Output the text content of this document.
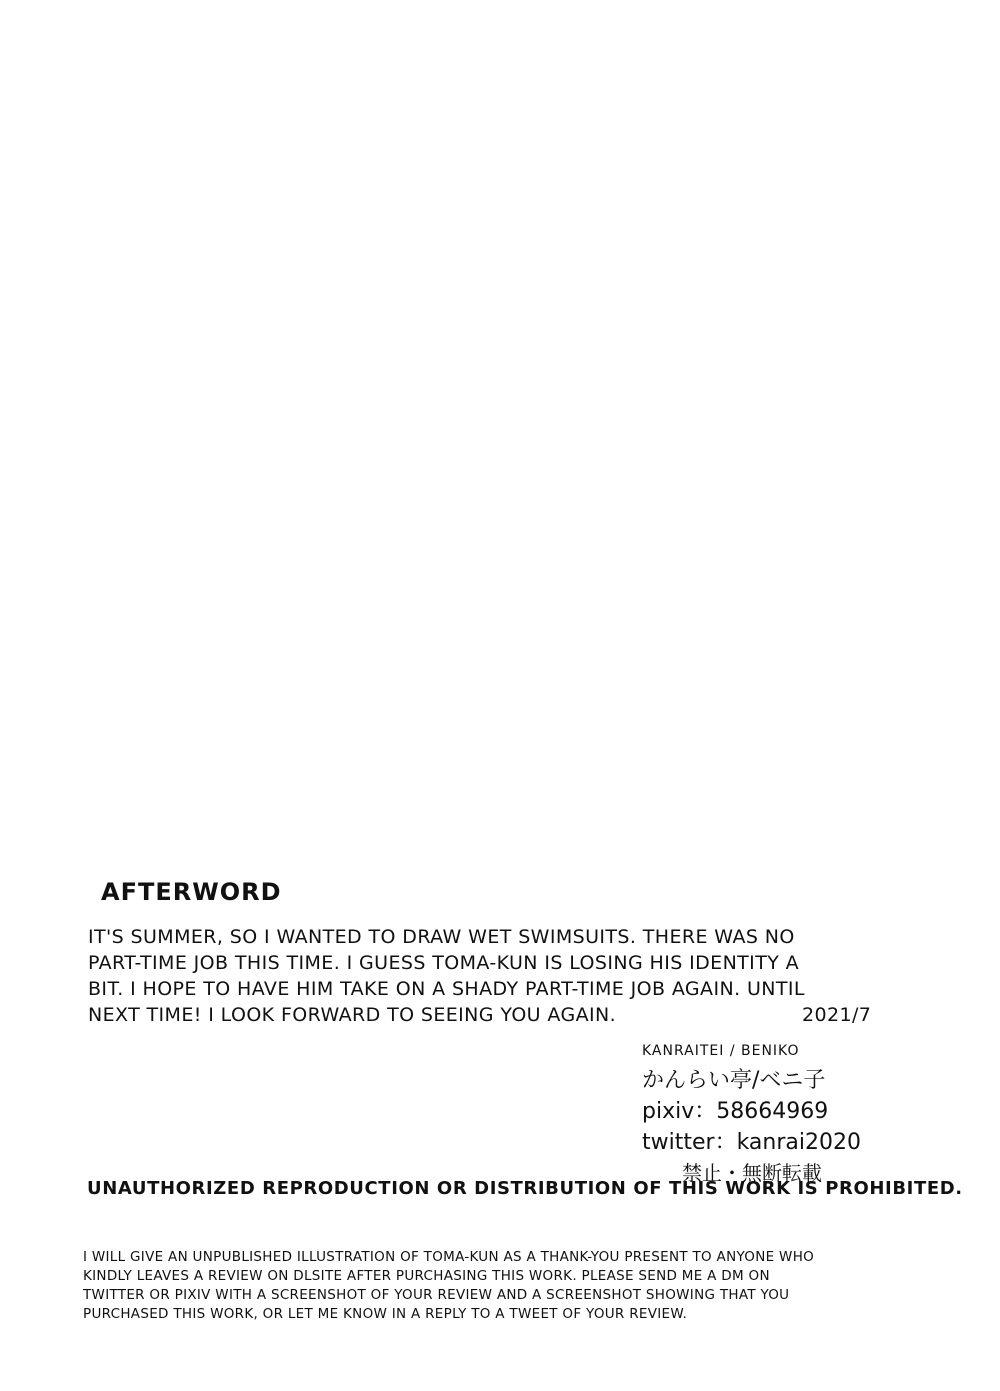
AFTERWORD
IT'S SUMMER, SO I WANTED TO DRAW WET SWIMSUITS. THERE WAS NO
PART-TIME JOB THIS TIME. I GUESS TOMA-KUN IS LOSING HIS IDENTITY A
BIT. I HOPE TO HAVE HIM TAKE ON A SHADY PART-TIME JOB AGAIN. UNTIL
NEXT TIME! I LOOK FORWARD TO SEEING YOU AGAIN.	2021/7
KANRAITEI / BENIKO
かんらい亭/ベニ子
pixiv：58664969
twitter：kanrai2020
禁止・無断転載
UNAUTHORIZED REPRODUCTION OR DISTRIBUTION OF THIS WORK IS PROHIBITED.
I WILL GIVE AN UNPUBLISHED ILLUSTRATION OF TOMA-KUN AS A THANK-YOU PRESENT TO ANYONE WHO
KINDLY LEAVES A REVIEW ON DLSITE AFTER PURCHASING THIS WORK. PLEASE SEND ME A DM ON
TWITTER OR PIXIV WITH A SCREENSHOT OF YOUR REVIEW AND A SCREENSHOT SHOWING THAT YOU
PURCHASED THIS WORK, OR LET ME KNOW IN A REPLY TO A TWEET OF YOUR REVIEW.
